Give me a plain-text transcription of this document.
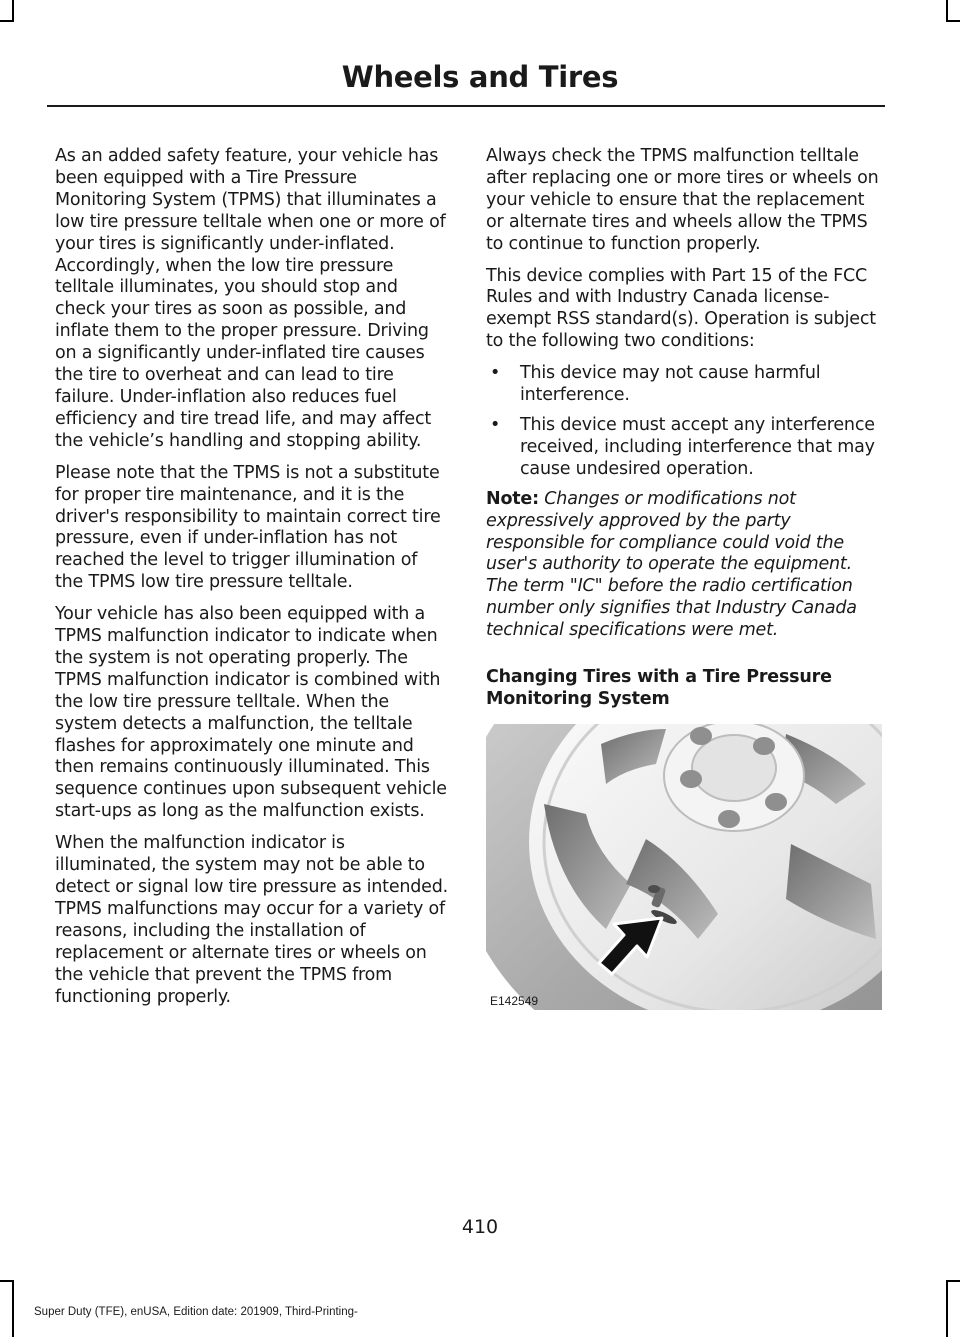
Wheels and Tires

As an added safety feature, your vehicle has been equipped with a Tire Pressure Monitoring System (TPMS) that illuminates a low tire pressure telltale when one or more of your tires is significantly under-inflated. Accordingly, when the low tire pressure telltale illuminates, you should stop and check your tires as soon as possible, and inflate them to the proper pressure. Driving on a significantly under-inflated tire causes the tire to overheat and can lead to tire failure. Under-inflation also reduces fuel efficiency and tire tread life, and may affect the vehicle’s handling and stopping ability.

Please note that the TPMS is not a substitute for proper tire maintenance, and it is the driver's responsibility to maintain correct tire pressure, even if under-inflation has not reached the level to trigger illumination of the TPMS low tire pressure telltale.

Your vehicle has also been equipped with a TPMS malfunction indicator to indicate when the system is not operating properly. The TPMS malfunction indicator is combined with the low tire pressure telltale. When the system detects a malfunction, the telltale flashes for approximately one minute and then remains continuously illuminated. This sequence continues upon subsequent vehicle start-ups as long as the malfunction exists.

When the malfunction indicator is illuminated, the system may not be able to detect or signal low tire pressure as intended. TPMS malfunctions may occur for a variety of reasons, including the installation of replacement or alternate tires or wheels on the vehicle that prevent the TPMS from functioning properly.

Always check the TPMS malfunction telltale after replacing one or more tires or wheels on your vehicle to ensure that the replacement or alternate tires and wheels allow the TPMS to continue to function properly.

This device complies with Part 15 of the FCC Rules and with Industry Canada license-exempt RSS standard(s). Operation is subject to the following two conditions:

• This device may not cause harmful interference.
• This device must accept any interference received, including interference that may cause undesired operation.

Note: Changes or modifications not expressively approved by the party responsible for compliance could void the user's authority to operate the equipment. The term "IC" before the radio certification number only signifies that Industry Canada technical specifications were met.

Changing Tires with a Tire Pressure Monitoring System
E142549
410
Super Duty (TFE), enUSA, Edition date: 201909, Third-Printing-
